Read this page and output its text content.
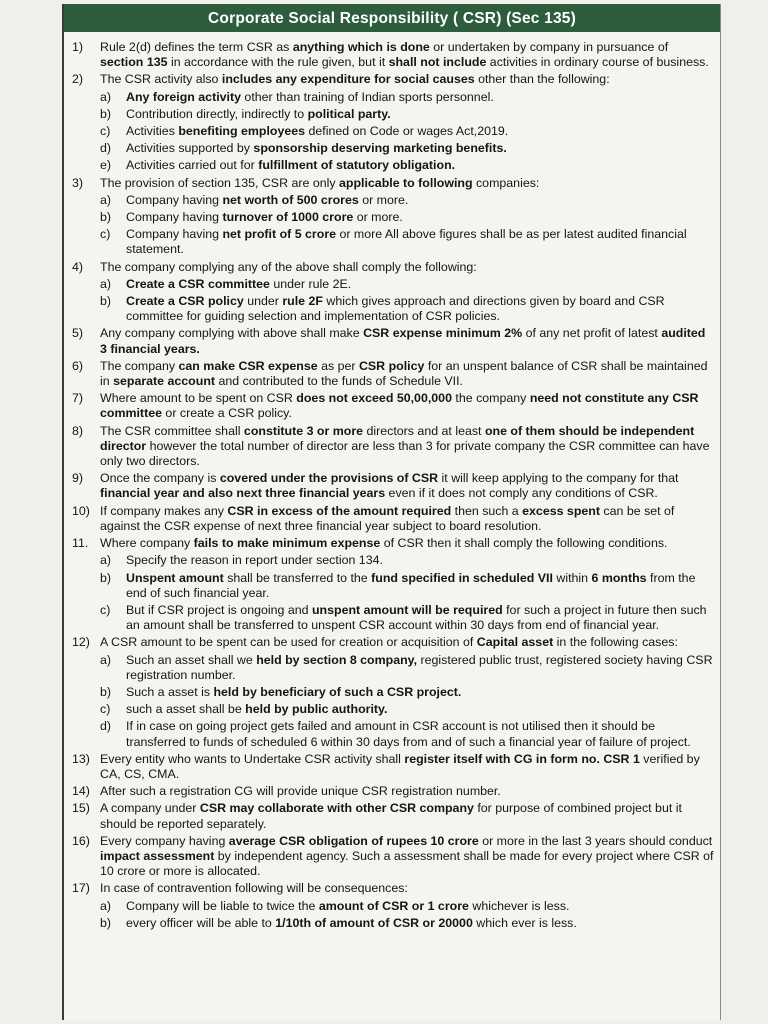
Corporate Social Responsibility ( CSR) (Sec 135)
1) Rule 2(d) defines the term CSR as anything which is done or undertaken by company in pursuance of section 135 in accordance with the rule given, but it shall not include activities in ordinary course of business.
2) The CSR activity also includes any expenditure for social causes other than the following:
a) Any foreign activity other than training of Indian sports personnel.
b) Contribution directly, indirectly to political party.
c) Activities benefiting employees defined on Code or wages Act,2019.
d) Activities supported by sponsorship deserving marketing benefits.
e) Activities carried out for fulfillment of statutory obligation.
3) The provision of section 135, CSR are only applicable to following companies:
a) Company having net worth of 500 crores or more.
b) Company having turnover of 1000 crore or more.
c) Company having net profit of 5 crore or more All above figures shall be as per latest audited financial statement.
4) The company complying any of the above shall comply the following:
a) Create a CSR committee under rule 2E.
b) Create a CSR policy under rule 2F which gives approach and directions given by board and CSR committee for guiding selection and implementation of CSR policies.
5) Any company complying with above shall make CSR expense minimum 2% of any net profit of latest audited 3 financial years.
6) The company can make CSR expense as per CSR policy for an unspent balance of CSR shall be maintained in separate account and contributed to the funds of Schedule VII.
7) Where amount to be spent on CSR does not exceed 50,00,000 the company need not constitute any CSR committee or create a CSR policy.
8) The CSR committee shall constitute 3 or more directors and at least one of them should be independent director however the total number of director are less than 3 for private company the CSR committee can have only two directors.
9) Once the company is covered under the provisions of CSR it will keep applying to the company for that financial year and also next three financial years even if it does not comply any conditions of CSR.
10) If company makes any CSR in excess of the amount required then such a excess spent can be set of against the CSR expense of next three financial year subject to board resolution.
11. Where company fails to make minimum expense of CSR then it shall comply the following conditions.
a) Specify the reason in report under section 134.
b) Unspent amount shall be transferred to the fund specified in scheduled VII within 6 months from the end of such financial year.
c) But if CSR project is ongoing and unspent amount will be required for such a project in future then such an amount shall be transferred to unspent CSR account within 30 days from end of financial year.
12) A CSR amount to be spent can be used for creation or acquisition of Capital asset in the following cases:
a) Such an asset shall we held by section 8 company, registered public trust, registered society having CSR registration number.
b) Such a asset is held by beneficiary of such a CSR project.
c) such a asset shall be held by public authority.
d) If in case on going project gets failed and amount in CSR account is not utilised then it should be transferred to funds of scheduled 6 within 30 days from and of such a financial year of failure of project.
13) Every entity who wants to Undertake CSR activity shall register itself with CG in form no. CSR 1 verified by CA, CS, CMA.
14) After such a registration CG will provide unique CSR registration number.
15) A company under CSR may collaborate with other CSR company for purpose of combined project but it should be reported separately.
16) Every company having average CSR obligation of rupees 10 crore or more in the last 3 years should conduct impact assessment by independent agency. Such a assessment shall be made for every project where CSR of 10 crore or more is allocated.
17) In case of contravention following will be consequences:
a) Company will be liable to twice the amount of CSR or 1 crore whichever is less.
b) every officer will be able to 1/10th of amount of CSR or 20000 which ever is less.
